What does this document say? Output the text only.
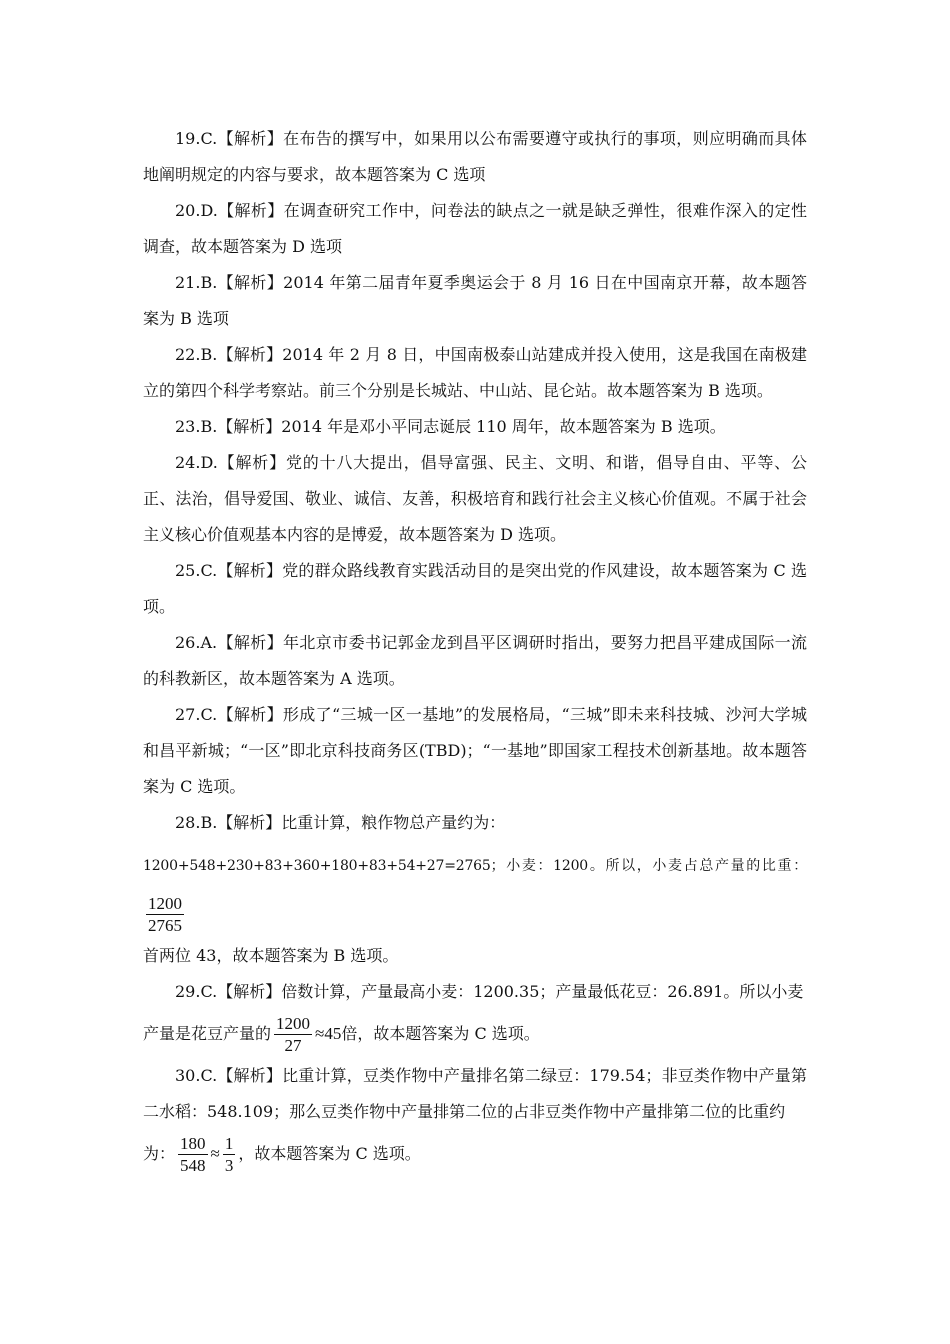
19.C.【解析】在布告的撰写中，如果用以公布需要遵守或执行的事项，则应明确而具体地阐明规定的内容与要求，故本题答案为 C 选项

20.D.【解析】在调查研究工作中，问卷法的缺点之一就是缺乏弹性，很难作深入的定性调查，故本题答案为 D 选项

21.B.【解析】2014 年第二届青年夏季奥运会于 8 月 16 日在中国南京开幕，故本题答案为 B 选项

22.B.【解析】2014 年 2 月 8 日，中国南极泰山站建成并投入使用，这是我国在南极建立的第四个科学考察站。前三个分别是长城站、中山站、昆仑站。故本题答案为 B 选项。

23.B.【解析】2014 年是邓小平同志诞辰 110 周年，故本题答案为 B 选项。

24.D.【解析】党的十八大提出，倡导富强、民主、文明、和谐，倡导自由、平等、公正、法治，倡导爱国、敬业、诚信、友善，积极培育和践行社会主义核心价值观。不属于社会主义核心价值观基本内容的是博爱，故本题答案为 D 选项。

25.C.【解析】党的群众路线教育实践活动目的是突出党的作风建设，故本题答案为 C 选项。

26.A.【解析】年北京市委书记郭金龙到昌平区调研时指出，要努力把昌平建成国际一流的科教新区，故本题答案为 A 选项。

27.C.【解析】形成了“三城一区一基地”的发展格局，“三城”即未来科技城、沙河大学城和昌平新城；“一区”即北京科技商务区(TBD)；“一基地”即国家工程技术创新基地。故本题答案为 C 选项。

28.B.【解析】比重计算，粮作物总产量约为：

1200+548+230+83+360+180+83+54+27=2765；小麦：1200。所以，小麦占总产量的比重：
$\frac{1200}{2765}$

首两位 43，故本题答案为 B 选项。

29.C.【解析】倍数计算，产量最高小麦：1200.35；产量最低花豆：26.891。所以小麦

产量是花豆产量的 $\frac{1200}{27} \approx 45$倍，故本题答案为 C 选项。

30.C.【解析】比重计算，豆类作物中产量排名第二绿豆：179.54；非豆类作物中产量第二水稻：548.109；那么豆类作物中产量排第二位的占非豆类作物中产量排第二位的比重约

为： $\frac{180}{548} \approx \frac{1}{3}$ ，故本题答案为 C 选项。
